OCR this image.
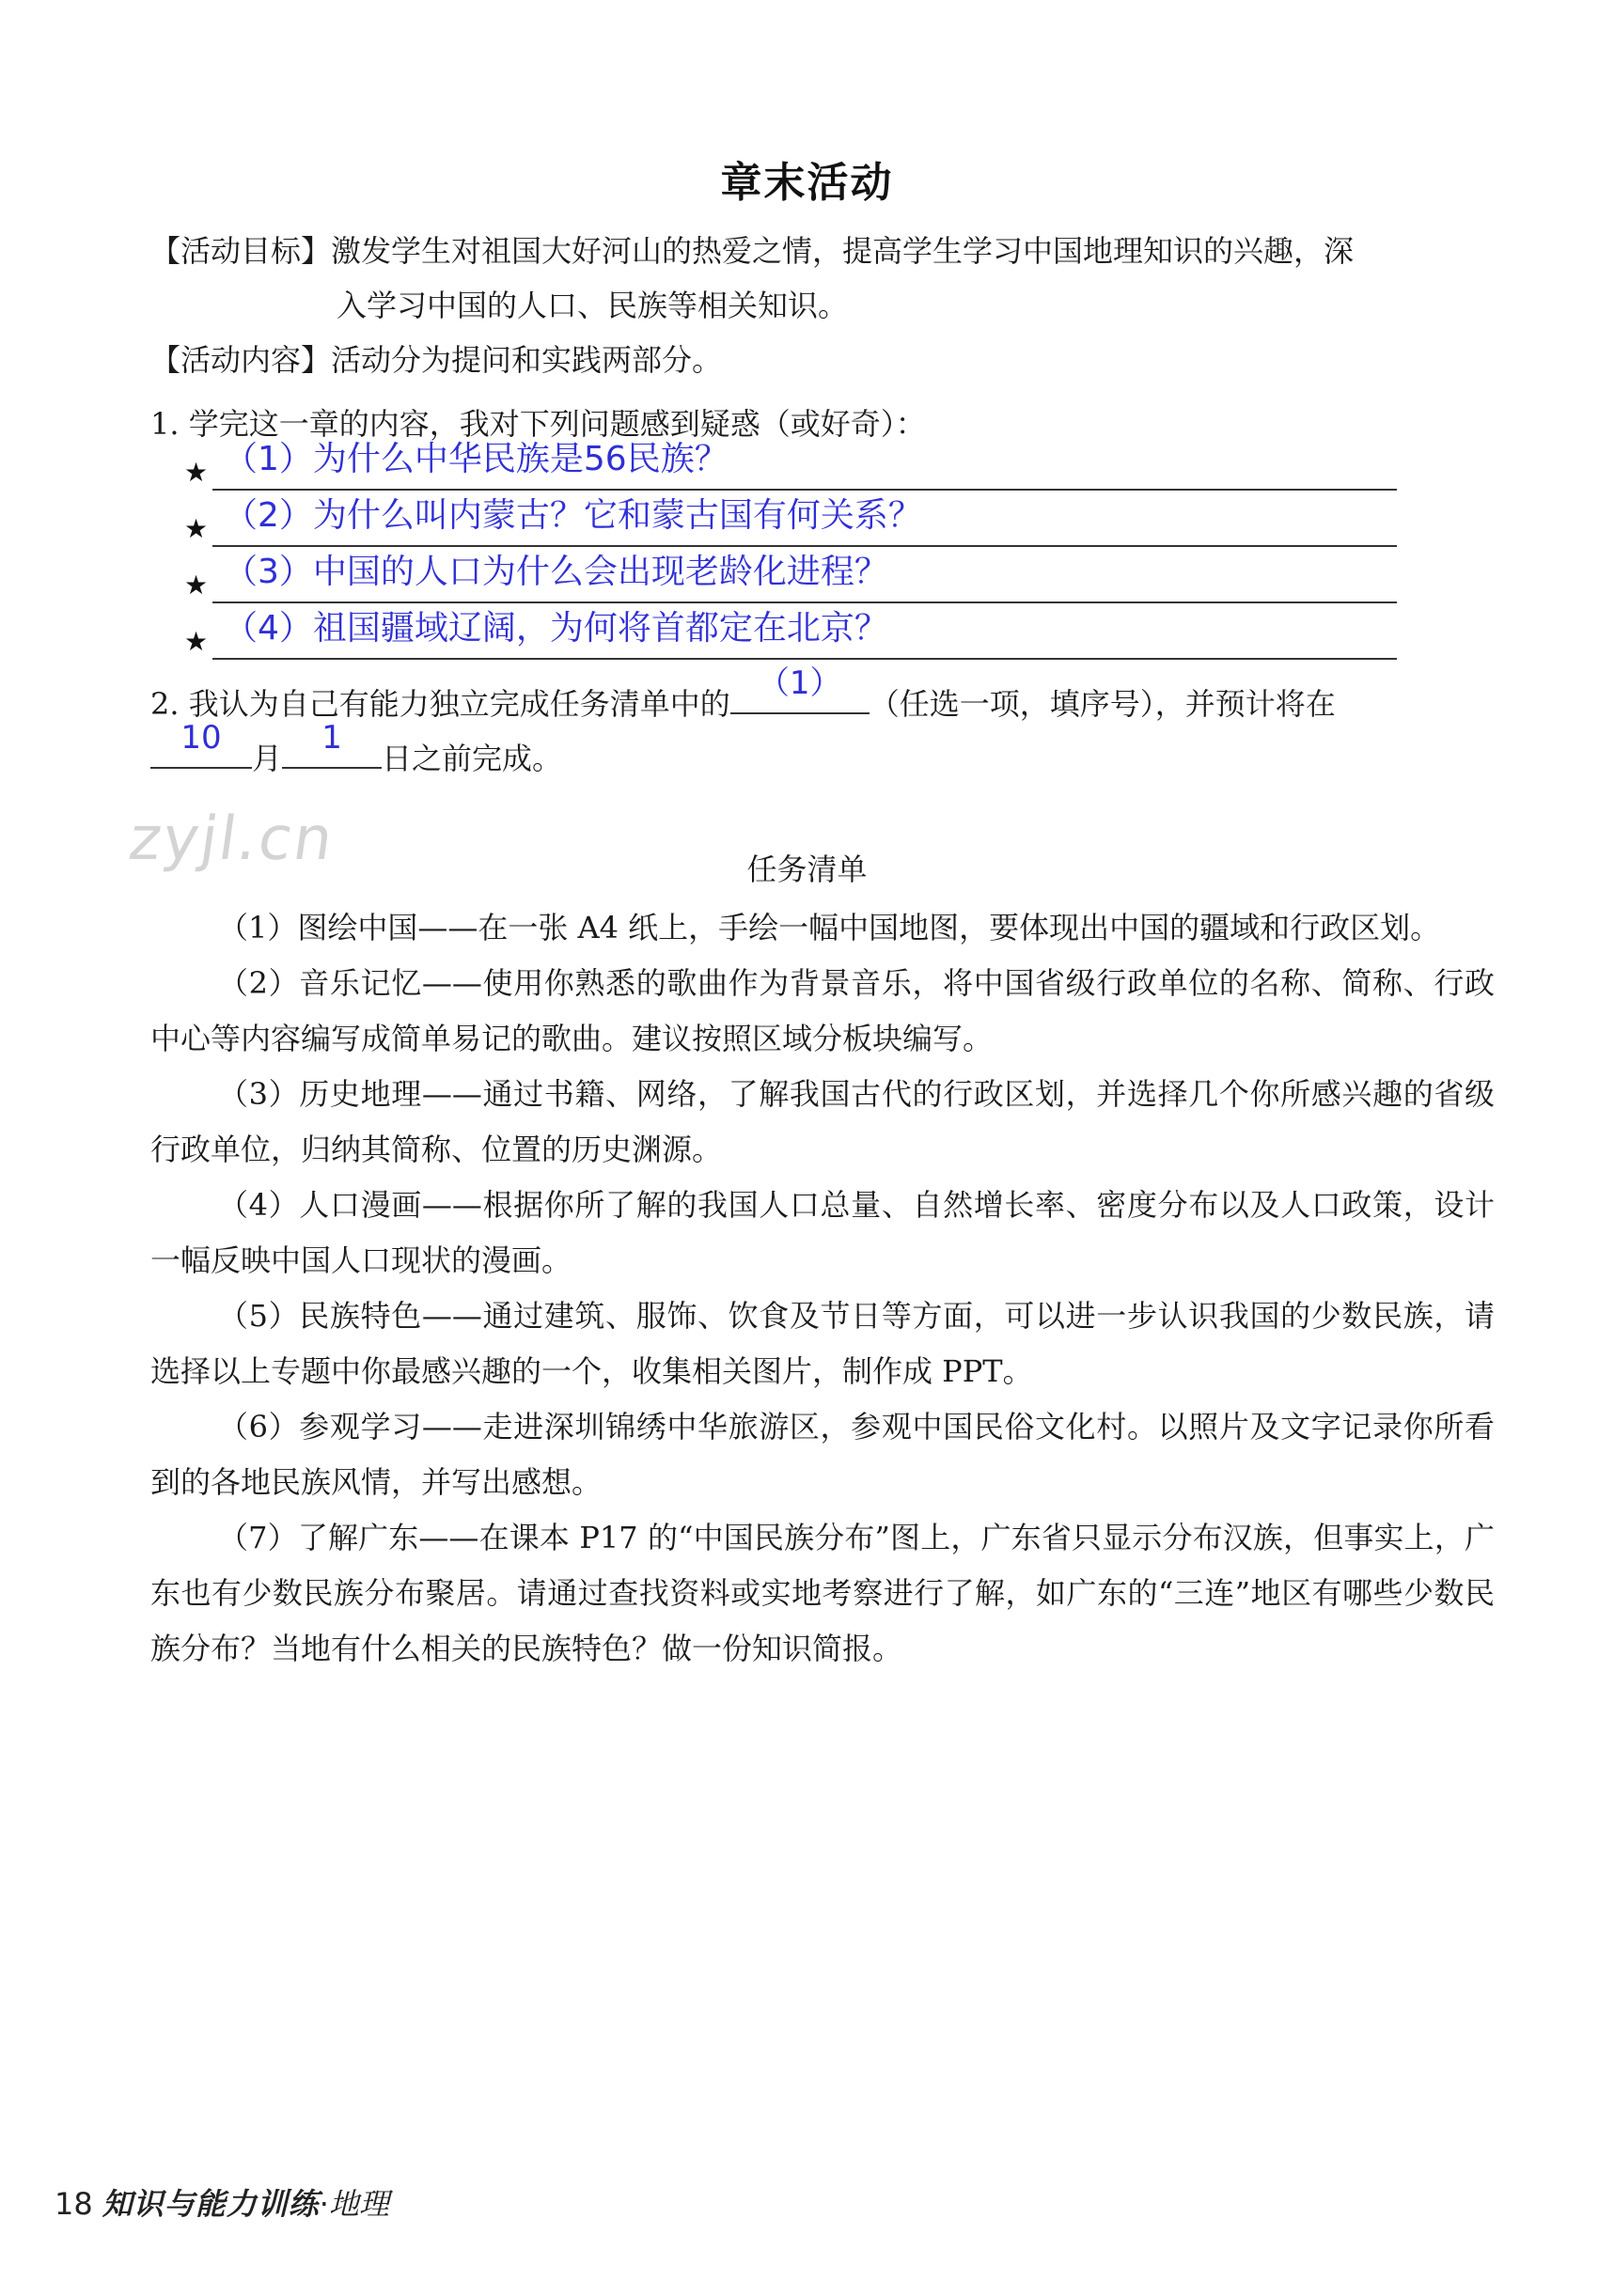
章末活动
【活动目标】激发学生对祖国大好河山的热爱之情，提高学生学习中国地理知识的兴趣，深
入学习中国的人口、民族等相关知识。
【活动内容】活动分为提问和实践两部分。
1. 学完这一章的内容，我对下列问题感到疑惑（或好奇）：
★ （1）为什么中华民族是56民族？
★ （2）为什么叫内蒙古？它和蒙古国有何关系？
★ （3）中国的人口为什么会出现老龄化进程？
★ （4）祖国疆域辽阔，为何将首都定在北京？
2. 我认为自己有能力独立完成任务清单中的
（1）
（任选一项，填序号），并预计将在
10
月
1
日之前完成。
zyjl.cn	任务清单

（1）图绘中国——在一张 A4 纸上，手绘一幅中国地图，要体现出中国的疆域和行政区划。

（2）音乐记忆——使用你熟悉的歌曲作为背景音乐，将中国省级行政单位的名称、简称、行政中心等内容编写成简单易记的歌曲。建议按照区域分板块编写。

（3）历史地理——通过书籍、网络，了解我国古代的行政区划，并选择几个你所感兴趣的省级行政单位，归纳其简称、位置的历史渊源。

（4）人口漫画——根据你所了解的我国人口总量、自然增长率、密度分布以及人口政策，设计一幅反映中国人口现状的漫画。

（5）民族特色——通过建筑、服饰、饮食及节日等方面，可以进一步认识我国的少数民族，请选择以上专题中你最感兴趣的一个，收集相关图片，制作成 PPT。

（6）参观学习——走进深圳锦绣中华旅游区，参观中国民俗文化村。以照片及文字记录你所看到的各地民族风情，并写出感想。

（7）了解广东——在课本 P17 的“中国民族分布”图上，广东省只显示分布汉族，但事实上，广东也有少数民族分布聚居。请通过查找资料或实地考察进行了解，如广东的“三连”地区有哪些少数民族分布？当地有什么相关的民族特色？做一份知识简报。

18 知识与能力训练·地理
